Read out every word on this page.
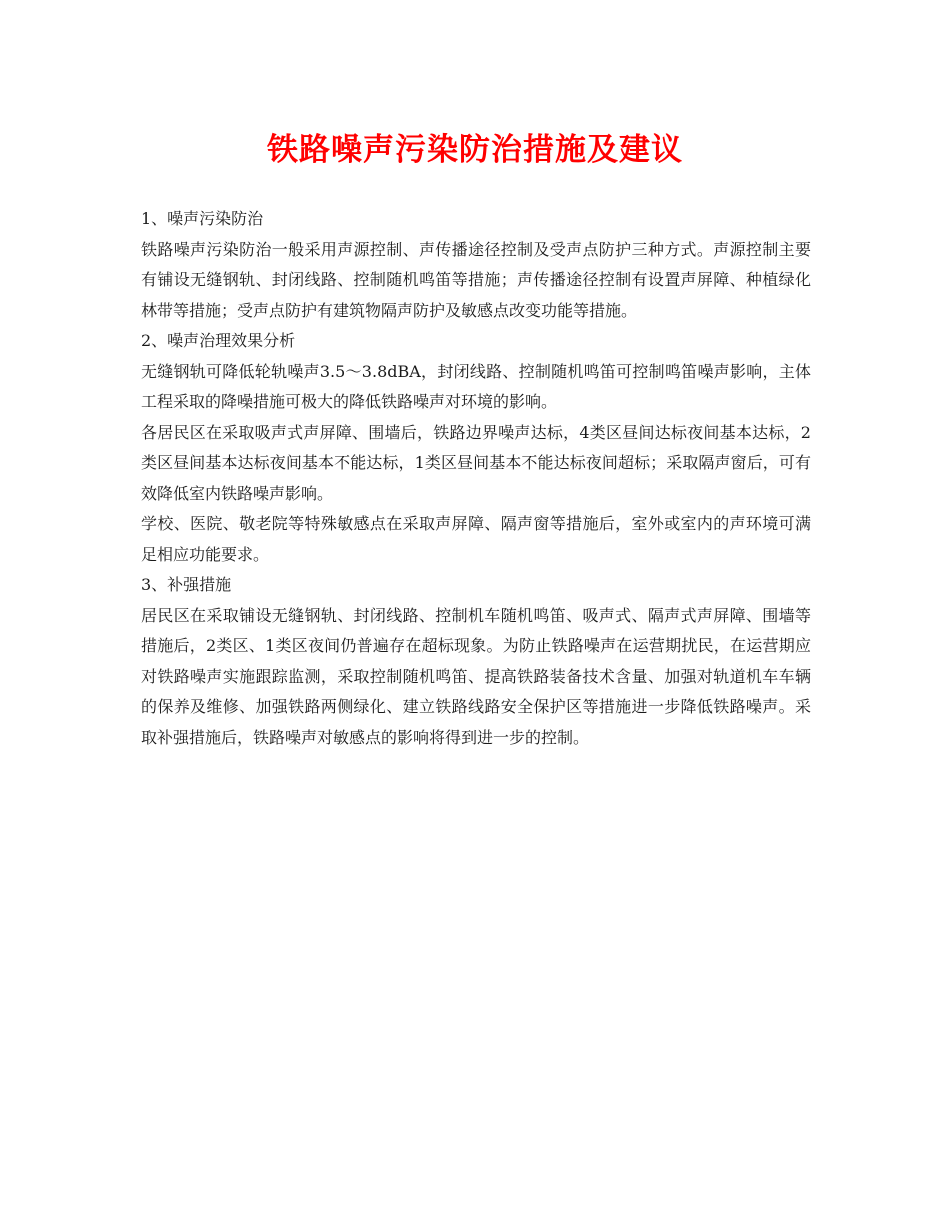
铁路噪声污染防治措施及建议

1、噪声污染防治

铁路噪声污染防治一般采用声源控制、声传播途径控制及受声点防护三种方式。声源控制主要有铺设无缝钢轨、封闭线路、控制随机鸣笛等措施；声传播途径控制有设置声屏障、种植绿化林带等措施；受声点防护有建筑物隔声防护及敏感点改变功能等措施。

2、噪声治理效果分析

无缝钢轨可降低轮轨噪声3.5～3.8dBA，封闭线路、控制随机鸣笛可控制鸣笛噪声影响，主体工程采取的降噪措施可极大的降低铁路噪声对环境的影响。

各居民区在采取吸声式声屏障、围墙后，铁路边界噪声达标，4类区昼间达标夜间基本达标，2类区昼间基本达标夜间基本不能达标，1类区昼间基本不能达标夜间超标；采取隔声窗后，可有效降低室内铁路噪声影响。

学校、医院、敬老院等特殊敏感点在采取声屏障、隔声窗等措施后，室外或室内的声环境可满足相应功能要求。

3、补强措施

居民区在采取铺设无缝钢轨、封闭线路、控制机车随机鸣笛、吸声式、隔声式声屏障、围墙等措施后，2类区、1类区夜间仍普遍存在超标现象。为防止铁路噪声在运营期扰民，在运营期应对铁路噪声实施跟踪监测，采取控制随机鸣笛、提高铁路装备技术含量、加强对轨道机车车辆的保养及维修、加强铁路两侧绿化、建立铁路线路安全保护区等措施进一步降低铁路噪声。采取补强措施后，铁路噪声对敏感点的影响将得到进一步的控制。
